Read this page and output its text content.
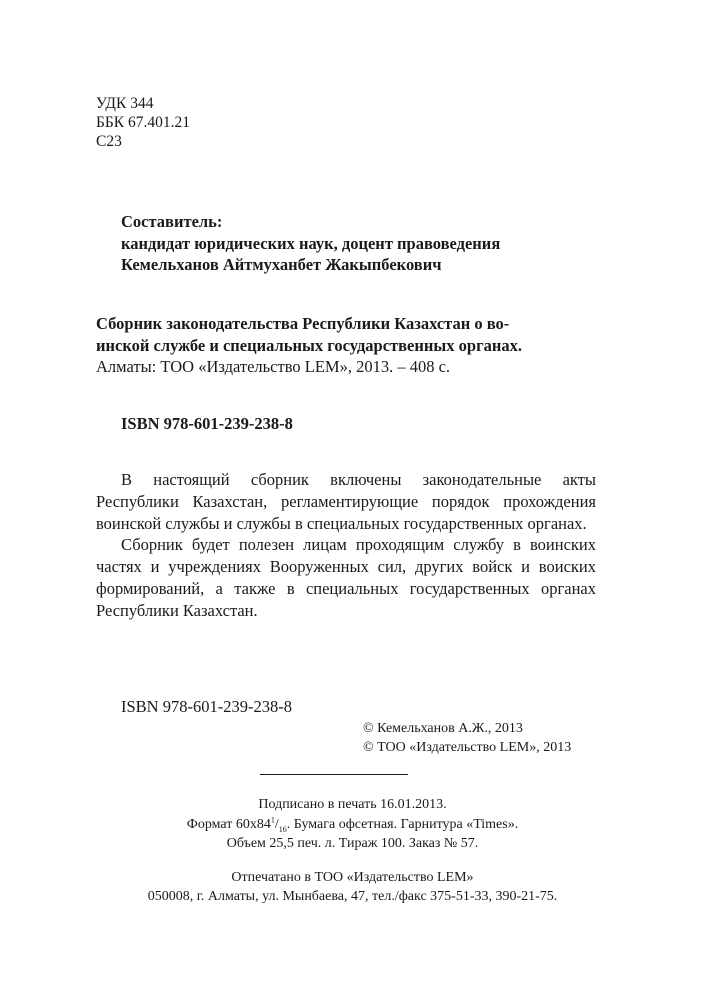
УДК 344
ББК 67.401.21
С23
Составитель:
кандидат юридических наук, доцент правоведения
Кемельханов Айтмуханбет Жакыпбекович
Сборник законодательства Республики Казахстан о во-
инской службе и специальных государственных органах.
Алматы: ТОО «Издательство LEM», 2013. – 408 с.
ISBN 978-601-239-238-8

В настоящий сборник включены законодательные акты Республики Казахстан, регламентирующие порядок прохождения воинской службы и службы в специальных государственных органах.

Сборник будет полезен лицам проходящим службу в воинских частях и учреждениях Вооруженных сил, других войск и воиских формирований, а также в специальных государственных органах Республики Казахстан.

ISBN 978-601-239-238-8
© Кемельханов А.Ж., 2013
© ТОО «Издательство LEM», 2013
Подписано в печать 16.01.2013.
Формат $60х84^1/_{16}$. Бумага офсетная. Гарнитура «Times».
Объем 25,5 печ. л. Тираж 100. Заказ № 57.
Отпечатано в ТОО «Издательство LEM»
050008, г. Алматы, ул. Мынбаева, 47, тел./факс 375-51-33, 390-21-75.
